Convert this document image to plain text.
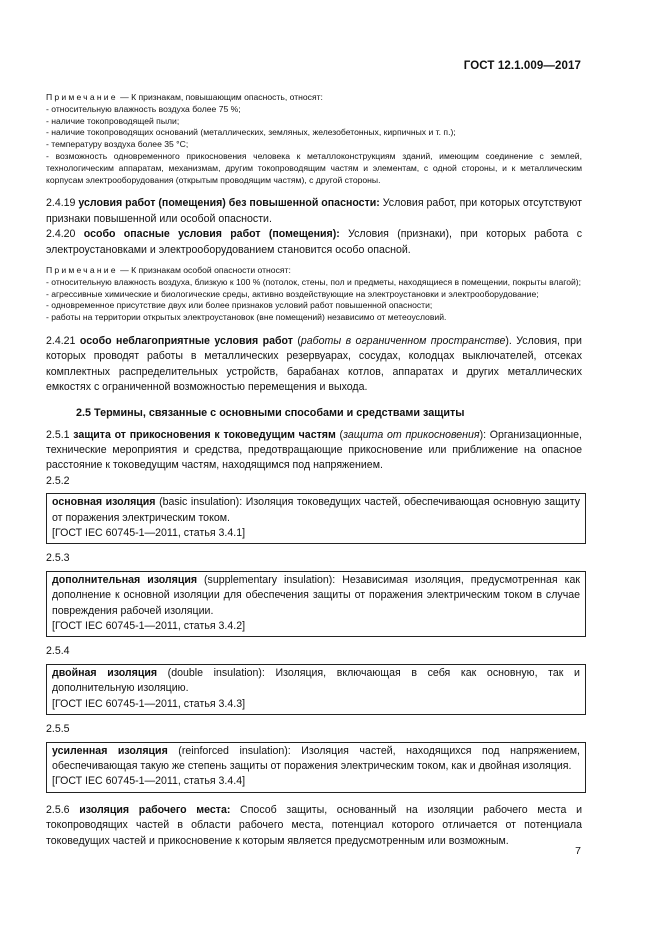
ГОСТ 12.1.009—2017
Примечание — К признакам, повышающим опасность, относят:
- относительную влажность воздуха более 75 %;
- наличие токопроводящей пыли;
- наличие токопроводящих оснований (металлических, земляных, железобетонных, кирпичных и т. п.);
- температуру воздуха более 35 °С;
- возможность одновременного прикосновения человека к металлоконструкциям зданий, имеющим соединение с землей, технологическим аппаратам, механизмам, другим токопроводящим частям и элементам, с одной стороны, и к металлическим корпусам электрооборудования (открытым проводящим частям), с другой стороны.
2.4.19 условия работ (помещения) без повышенной опасности: Условия работ, при которых отсутствуют признаки повышенной или особой опасности.
2.4.20 особо опасные условия работ (помещения): Условия (признаки), при которых работа с электроустановками и электрооборудованием становится особо опасной.
Примечание — К признакам особой опасности относят:
- относительную влажность воздуха, близкую к 100 % (потолок, стены, пол и предметы, находящиеся в помещении, покрыты влагой);
- агрессивные химические и биологические среды, активно воздействующие на электроустановки и электрооборудование;
- одновременное присутствие двух или более признаков условий работ повышенной опасности;
- работы на территории открытых электроустановок (вне помещений) независимо от метеоусловий.
2.4.21 особо неблагоприятные условия работ (работы в ограниченном пространстве). Условия, при которых проводят работы в металлических резервуарах, сосудах, колодцах выключателей, отсеках комплектных распределительных устройств, барабанах котлов, аппаратах и других металлических емкостях с ограниченной возможностью перемещения и выхода.
2.5 Термины, связанные с основными способами и средствами защиты
2.5.1 защита от прикосновения к токоведущим частям (защита от прикосновения): Организационные, технические мероприятия и средства, предотвращающие прикосновение или приближение на опасное расстояние к токоведущим частям, находящимся под напряжением.
2.5.2
основная изоляция (basic insulation): Изоляция токоведущих частей, обеспечивающая основную защиту от поражения электрическим током.
[ГОСТ IEC 60745-1—2011, статья 3.4.1]
2.5.3
дополнительная изоляция (supplementary insulation): Независимая изоляция, предусмотренная как дополнение к основной изоляции для обеспечения защиты от поражения электрическим током в случае повреждения рабочей изоляции.
[ГОСТ IEC 60745-1—2011, статья 3.4.2]
2.5.4
двойная изоляция (double insulation): Изоляция, включающая в себя как основную, так и дополнительную изоляцию.
[ГОСТ IEC 60745-1—2011, статья 3.4.3]
2.5.5
усиленная изоляция (reinforced insulation): Изоляция частей, находящихся под напряжением, обеспечивающая такую же степень защиты от поражения электрическим током, как и двойная изоляция.
[ГОСТ IEC 60745-1—2011, статья 3.4.4]
2.5.6 изоляция рабочего места: Способ защиты, основанный на изоляции рабочего места и токопроводящих частей в области рабочего места, потенциал которого отличается от потенциала токоведущих частей и прикосновение к которым является предусмотренным или возможным.
7
